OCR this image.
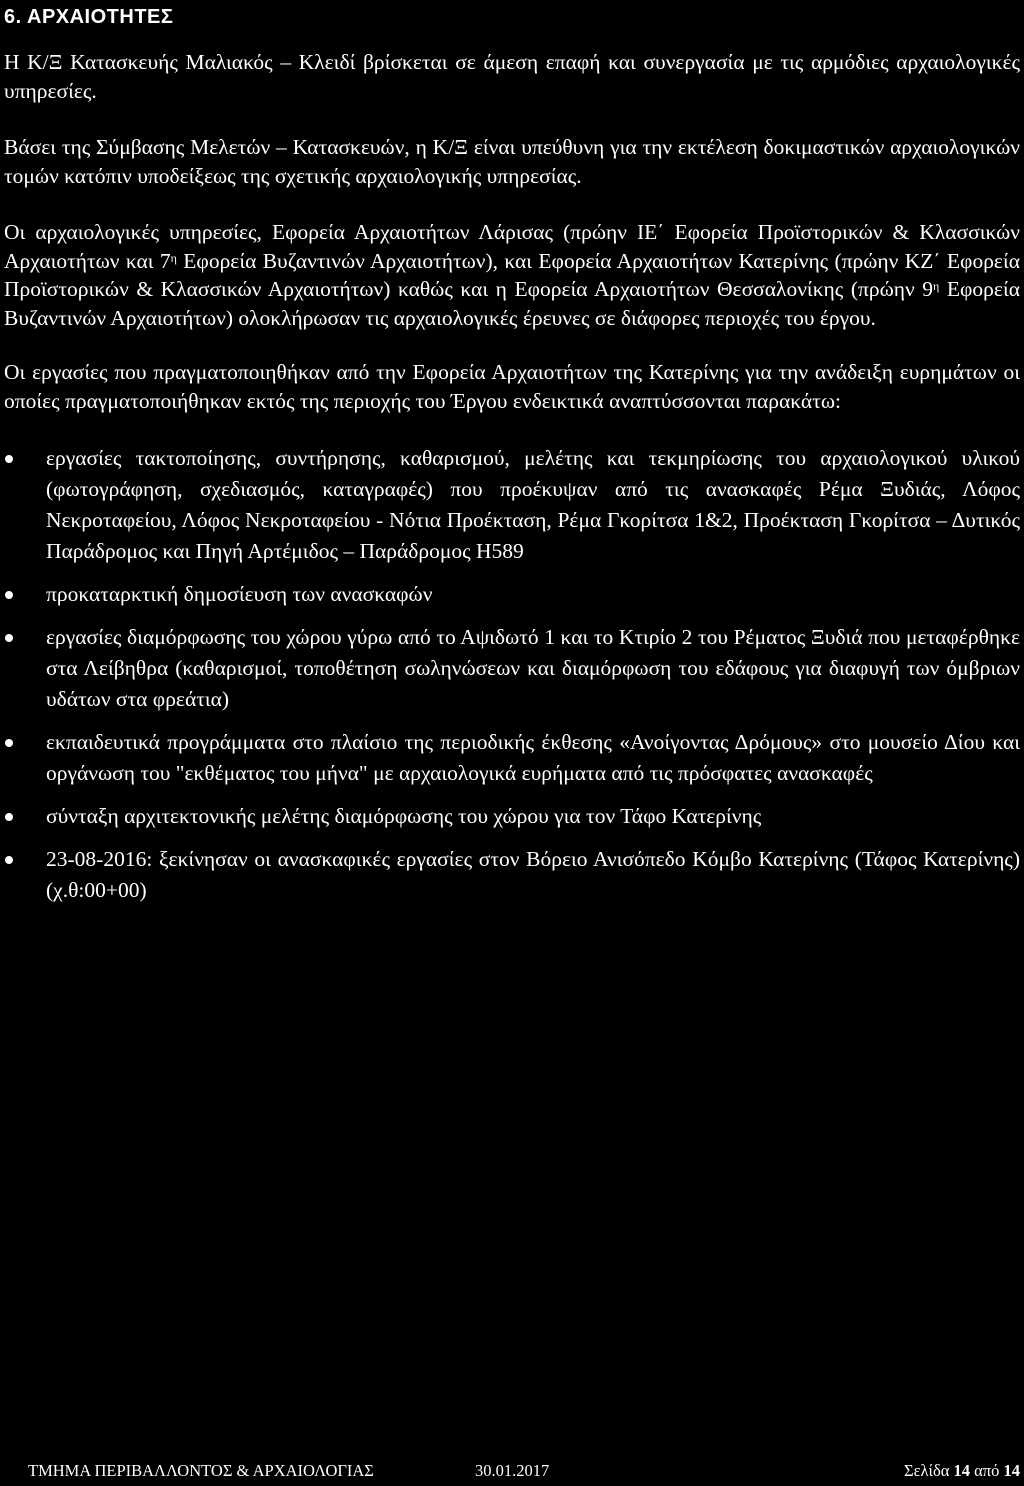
6. ΑΡΧΑΙΟΤΗΤΕΣ

Η Κ/Ξ Κατασκευής Μαλιακός – Κλειδί βρίσκεται σε άμεση επαφή και συνεργασία με τις αρμόδιες αρχαιολογικές υπηρεσίες.

Βάσει της Σύμβασης Μελετών – Κατασκευών, η Κ/Ξ είναι υπεύθυνη για την εκτέλεση δοκιμαστικών αρχαιολογικών τομών κατόπιν υποδείξεως της σχετικής αρχαιολογικής υπηρεσίας.

Οι αρχαιολογικές υπηρεσίες, Εφορεία Αρχαιοτήτων Λάρισας (πρώην ΙΕ΄ Εφορεία Προϊστορικών & Κλασσικών Αρχαιοτήτων και $7^\eta$ Εφορεία Βυζαντινών Αρχαιοτήτων), και Εφορεία Αρχαιοτήτων Κατερίνης (πρώην ΚΖ΄ Εφορεία Προϊστορικών & Κλασσικών Αρχαιοτήτων) καθώς και η Εφορεία Αρχαιοτήτων Θεσσαλονίκης (πρώην $9^\eta$ Εφορεία Βυζαντινών Αρχαιοτήτων) ολοκλήρωσαν τις αρχαιολογικές έρευνες σε διάφορες περιοχές του έργου.

Οι εργασίες που πραγματοποιηθήκαν από την Εφορεία Αρχαιοτήτων της Κατερίνης για την ανάδειξη ευρημάτων οι οποίες πραγματοποιήθηκαν εκτός της περιοχής του Έργου ενδεικτικά αναπτύσσονται παρακάτω:

εργασίες τακτοποίησης, συντήρησης, καθαρισμού, μελέτης και τεκμηρίωσης του αρχαιολογικού υλικού (φωτογράφηση, σχεδιασμός, καταγραφές) που προέκυψαν από τις ανασκαφές Ρέμα Ξυδιάς, Λόφος Νεκροταφείου, Λόφος Νεκροταφείου - Νότια Προέκταση, Ρέμα Γκορίτσα 1&2, Προέκταση Γκορίτσα – Δυτικός Παράδρομος και Πηγή Αρτέμιδος – Παράδρομος Η589
προκαταρκτική δημοσίευση των ανασκαφών
εργασίες διαμόρφωσης του χώρου γύρω από το Αψιδωτό 1 και το Κτιρίο 2 του Ρέματος Ξυδιά που μεταφέρθηκε στα Λείβηθρα (καθαρισμοί, τοποθέτηση σωληνώσεων και διαμόρφωση του εδάφους για διαφυγή των όμβριων υδάτων στα φρεάτια)
εκπαιδευτικά προγράμματα στο πλαίσιο της περιοδικής έκθεσης «Ανοίγοντας Δρόμους» στο μουσείο Δίου και οργάνωση του "εκθέματος του μήνα" με αρχαιολογικά ευρήματα από τις πρόσφατες ανασκαφές
σύνταξη αρχιτεκτονικής μελέτης διαμόρφωσης του χώρου για τον Τάφο Κατερίνης
23-08-2016: ξεκίνησαν οι ανασκαφικές εργασίες στον Βόρειο Ανισόπεδο Κόμβο Κατερίνης (Τάφος Κατερίνης) (χ.θ:00+00)
ΤΜΗΜΑ ΠΕΡΙΒΑΛΛΟΝΤΟΣ & ΑΡΧΑΙΟΛΟΓΙΑΣ	30.01.2017	Σελίδα 14 από 14
